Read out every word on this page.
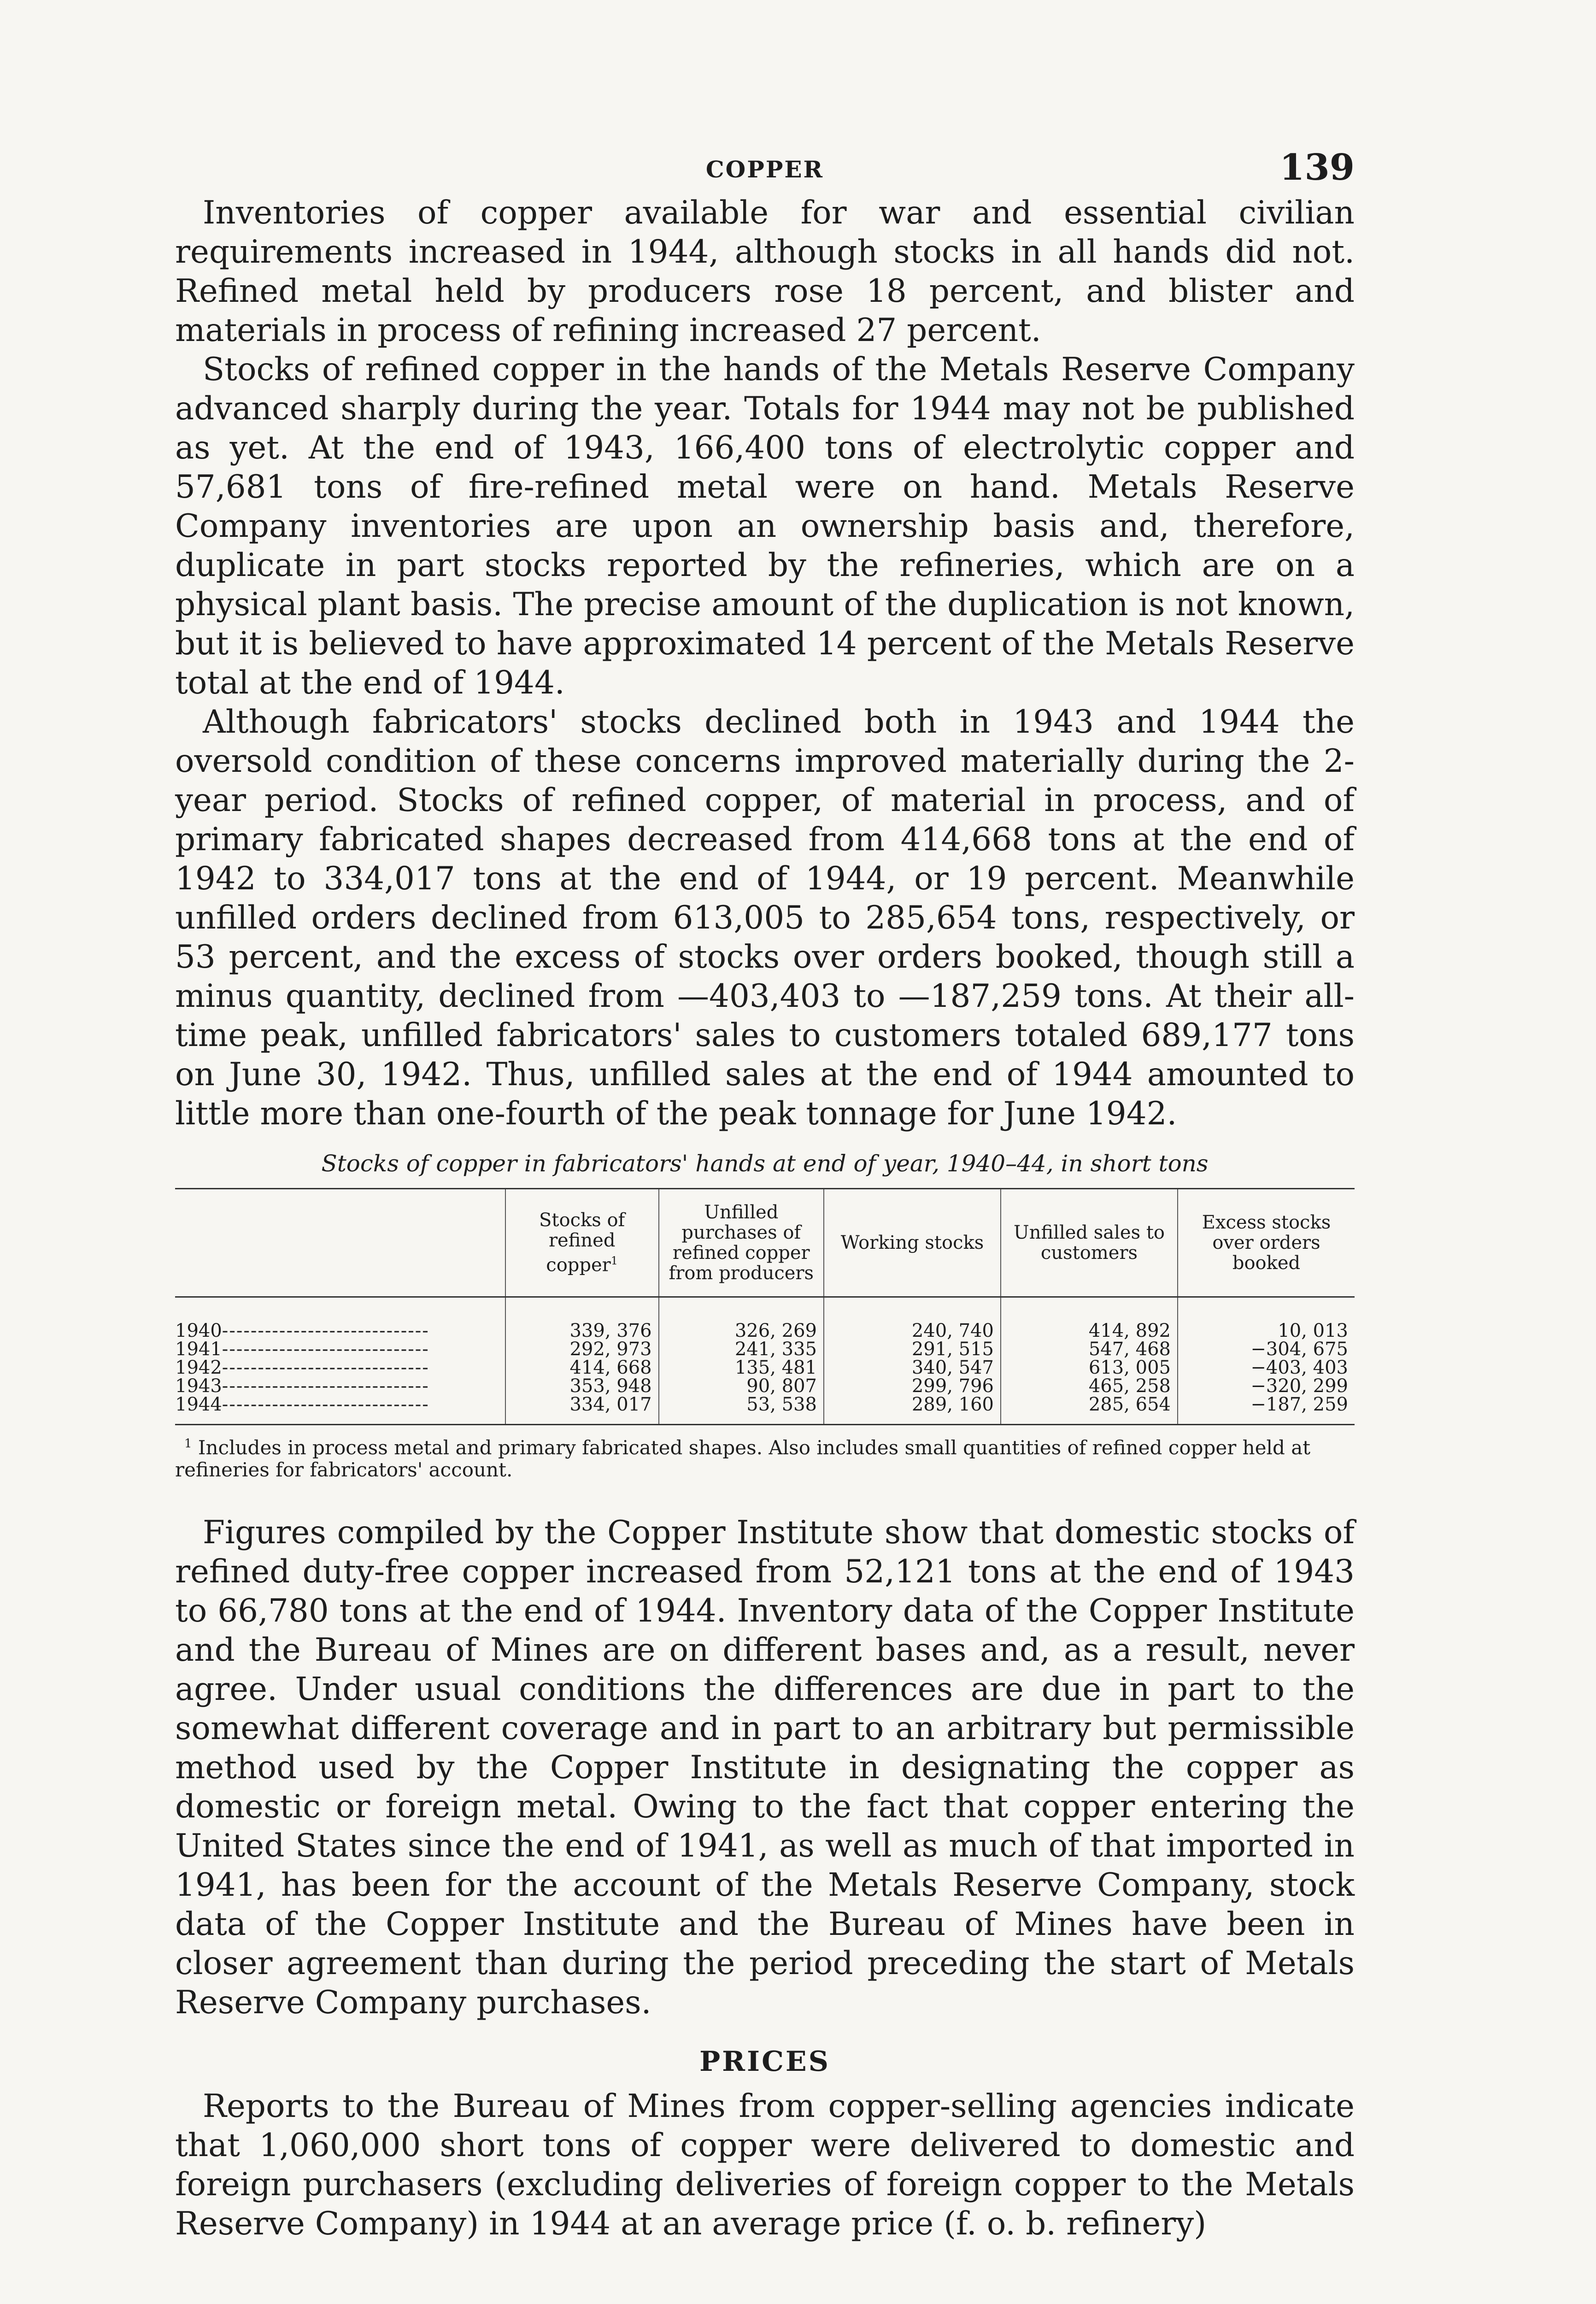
COPPER	139

Inventories of copper available for war and essential civilian requirements increased in 1944, although stocks in all hands did not. Refined metal held by producers rose 18 percent, and blister and materials in process of refining increased 27 percent.

Stocks of refined copper in the hands of the Metals Reserve Company advanced sharply during the year. Totals for 1944 may not be published as yet. At the end of 1943, 166,400 tons of electrolytic copper and 57,681 tons of fire-refined metal were on hand. Metals Reserve Company inventories are upon an ownership basis and, therefore, duplicate in part stocks reported by the refineries, which are on a physical plant basis. The precise amount of the duplication is not known, but it is believed to have approximated 14 percent of the Metals Reserve total at the end of 1944.

Although fabricators' stocks declined both in 1943 and 1944 the oversold condition of these concerns improved materially during the 2-year period. Stocks of refined copper, of material in process, and of primary fabricated shapes decreased from 414,668 tons at the end of 1942 to 334,017 tons at the end of 1944, or 19 percent. Meanwhile unfilled orders declined from 613,005 to 285,654 tons, respectively, or 53 percent, and the excess of stocks over orders booked, though still a minus quantity, declined from —403,403 to —187,259 tons. At their all-time peak, unfilled fabricators' sales to customers totaled 689,177 tons on June 30, 1942. Thus, unfilled sales at the end of 1944 amounted to little more than one-fourth of the peak tonnage for June 1942.

Stocks of copper in fabricators' hands at end of year, 1940–44, in short tons
	Stocks of refined copper$^1$	Unfilled purchases of refined copper from producers	Working stocks	Unfilled sales to customers	Excess stocks over orders booked
1940-----------------------------	339, 376	326, 269	240, 740	414, 892	10, 013
1941-----------------------------	292, 973	241, 335	291, 515	547, 468	−304, 675
1942-----------------------------	414, 668	135, 481	340, 547	613, 005	−403, 403
1943-----------------------------	353, 948	90, 807	299, 796	465, 258	−320, 299
1944-----------------------------	334, 017	53, 538	289, 160	285, 654	−187, 259
$^1$ Includes in process metal and primary fabricated shapes. Also includes small quantities of refined copper held at refineries for fabricators' account.

Figures compiled by the Copper Institute show that domestic stocks of refined duty-free copper increased from 52,121 tons at the end of 1943 to 66,780 tons at the end of 1944. Inventory data of the Copper Institute and the Bureau of Mines are on different bases and, as a result, never agree. Under usual conditions the differences are due in part to the somewhat different coverage and in part to an arbitrary but permissible method used by the Copper Institute in designating the copper as domestic or foreign metal. Owing to the fact that copper entering the United States since the end of 1941, as well as much of that imported in 1941, has been for the account of the Metals Reserve Company, stock data of the Copper Institute and the Bureau of Mines have been in closer agreement than during the period preceding the start of Metals Reserve Company purchases.

PRICES

Reports to the Bureau of Mines from copper-selling agencies indicate that 1,060,000 short tons of copper were delivered to domestic and foreign purchasers (excluding deliveries of foreign copper to the Metals Reserve Company) in 1944 at an average price (f. o. b. refinery)
